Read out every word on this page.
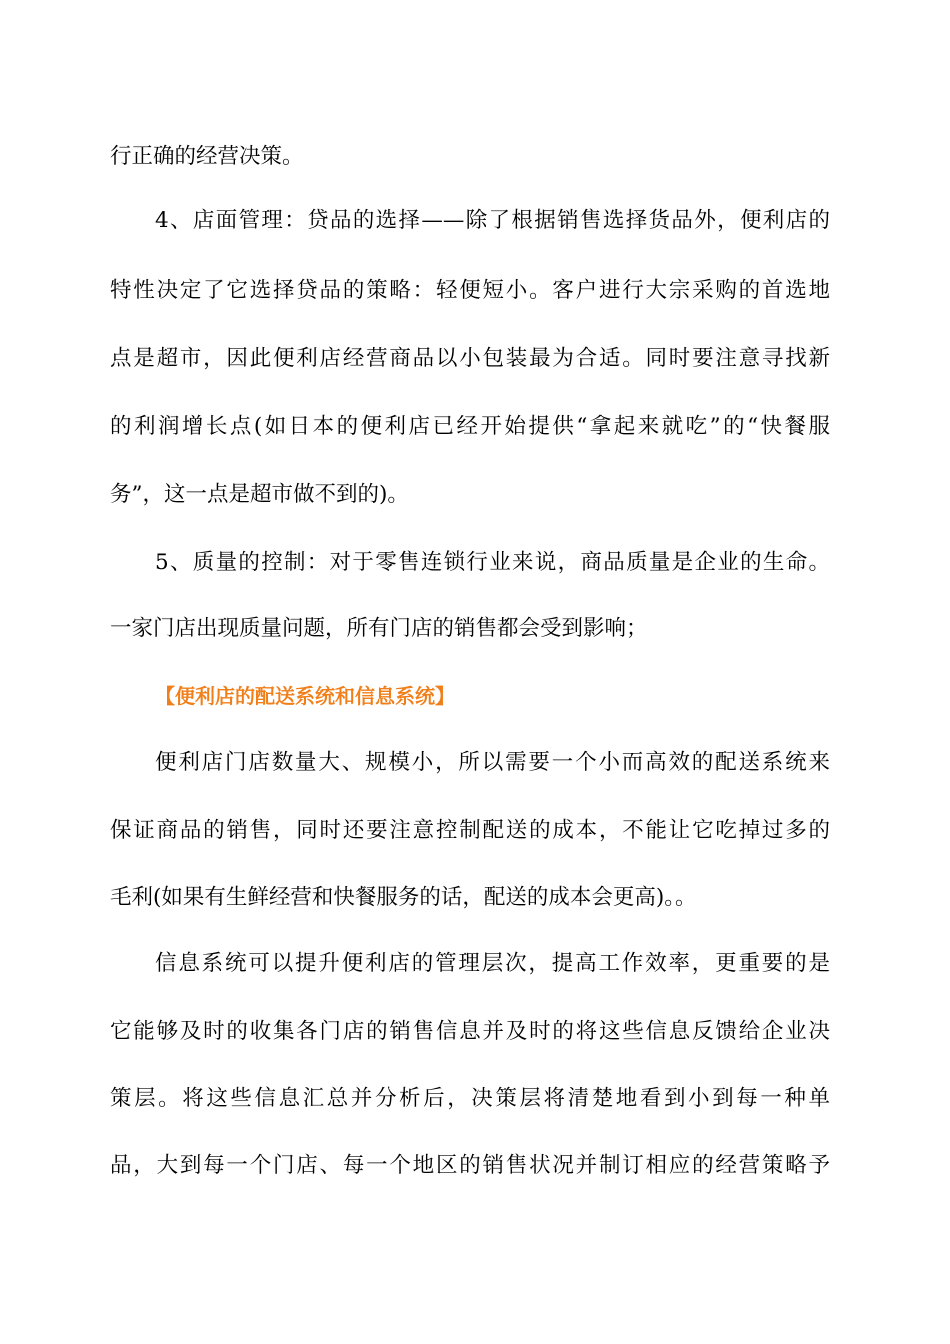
行正确的经营决策。
4、店面管理：贷品的选择——除了根据销售选择货品外，便利店的
特性决定了它选择贷品的策略：轻便短小。客户进行大宗采购的首选地
点是超市，因此便利店经营商品以小包装最为合适。同时要注意寻找新
的利润增长点(如日本的便利店已经开始提供“拿起来就吃”的“快餐服
务”，这一点是超市做不到的)。
5、质量的控制：对于零售连锁行业来说，商品质量是企业的生命。
一家门店出现质量问题，所有门店的销售都会受到影响；
【便利店的配送系统和信息系统】
便利店门店数量大、规模小，所以需要一个小而高效的配送系统来
保证商品的销售，同时还要注意控制配送的成本，不能让它吃掉过多的
毛利(如果有生鲜经营和快餐服务的话，配送的成本会更高)。。
信息系统可以提升便利店的管理层次，提高工作效率，更重要的是
它能够及时的收集各门店的销售信息并及时的将这些信息反馈给企业决
策层。将这些信息汇总并分析后，决策层将清楚地看到小到每一种单
品，大到每一个门店、每一个地区的销售状况并制订相应的经营策略予
